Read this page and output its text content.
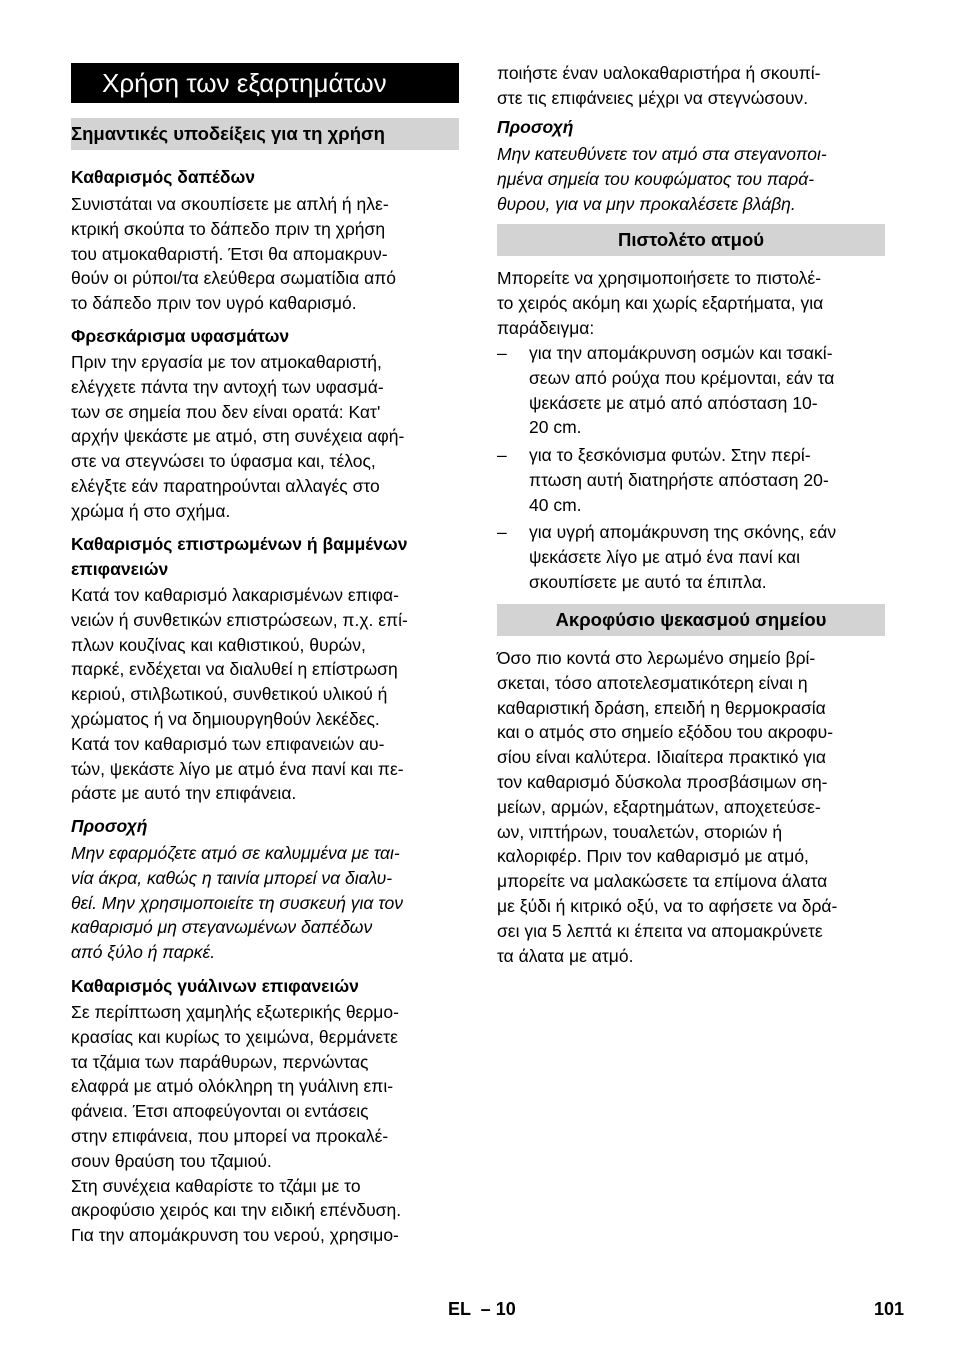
Χρήση των εξαρτημάτων
Σημαντικές υποδείξεις για τη χρήση
Καθαρισμός δαπέδων
Συνιστάται να σκουπίσετε με απλή ή ηλε-
κτρική σκούπα το δάπεδο πριν τη χρήση
του ατμοκαθαριστή. Έτσι θα απομακρυν-
θούν οι ρύποι/τα ελεύθερα σωματίδια από
το δάπεδο πριν τον υγρό καθαρισμό.
Φρεσκάρισμα υφασμάτων
Πριν την εργασία με τον ατμοκαθαριστή,
ελέγχετε πάντα την αντοχή των υφασμά-
των σε σημεία που δεν είναι ορατά: Κατ'
αρχήν ψεκάστε με ατμό, στη συνέχεια αφή-
στε να στεγνώσει το ύφασμα και, τέλος,
ελέγξτε εάν παρατηρούνται αλλαγές στο
χρώμα ή στο σχήμα.
Καθαρισμός επιστρωμένων ή βαμμένων
επιφανειών
Κατά τον καθαρισμό λακαρισμένων επιφα-
νειών ή συνθετικών επιστρώσεων, π.χ. επί-
πλων κουζίνας και καθιστικού, θυρών,
παρκέ, ενδέχεται να διαλυθεί η επίστρωση
κεριού, στιλβωτικού, συνθετικού υλικού ή
χρώματος ή να δημιουργηθούν λεκέδες.
Κατά τον καθαρισμό των επιφανειών αυ-
τών, ψεκάστε λίγο με ατμό ένα πανί και πε-
ράστε με αυτό την επιφάνεια.
Προσοχή
Μην εφαρμόζετε ατμό σε καλυμμένα με ται-
νία άκρα, καθώς η ταινία μπορεί να διαλυ-
θεί. Μην χρησιμοποιείτε τη συσκευή για τον
καθαρισμό μη στεγανωμένων δαπέδων
από ξύλο ή παρκέ.
Καθαρισμός γυάλινων επιφανειών
Σε περίπτωση χαμηλής εξωτερικής θερμο-
κρασίας και κυρίως το χειμώνα, θερμάνετε
τα τζάμια των παράθυρων, περνώντας
ελαφρά με ατμό ολόκληρη τη γυάλινη επι-
φάνεια. Έτσι αποφεύγονται οι εντάσεις
στην επιφάνεια, που μπορεί να προκαλέ-
σουν θραύση του τζαμιού.
Στη συνέχεια καθαρίστε το τζάμι με το
ακροφύσιο χειρός και την ειδική επένδυση.
Για την απομάκρυνση του νερού, χρησιμο-
ποιήστε έναν υαλοκαθαριστήρα ή σκουπί-
στε τις επιφάνειες μέχρι να στεγνώσουν.
Προσοχή
Μην κατευθύνετε τον ατμό στα στεγανοποι-
ημένα σημεία του κουφώματος του παρά-
θυρου, για να μην προκαλέσετε βλάβη.
Πιστολέτο ατμού
Μπορείτε να χρησιμοποιήσετε το πιστολέ-
το χειρός ακόμη και χωρίς εξαρτήματα, για
παράδειγμα:
–	για την απομάκρυνση οσμών και τσακί-
σεων από ρούχα που κρέμονται, εάν τα
ψεκάσετε με ατμό από απόσταση 10-
20 cm.
–	για το ξεσκόνισμα φυτών. Στην περί-
πτωση αυτή διατηρήστε απόσταση 20-
40 cm.
–	για υγρή απομάκρυνση της σκόνης, εάν
ψεκάσετε λίγο με ατμό ένα πανί και
σκουπίσετε με αυτό τα έπιπλα.
Ακροφύσιο ψεκασμού σημείου
Όσο πιο κοντά στο λερωμένο σημείο βρί-
σκεται, τόσο αποτελεσματικότερη είναι η
καθαριστική δράση, επειδή η θερμοκρασία
και ο ατμός στο σημείο εξόδου του ακροφυ-
σίου είναι καλύτερα. Ιδιαίτερα πρακτικό για
τον καθαρισμό δύσκολα προσβάσιμων ση-
μείων, αρμών, εξαρτημάτων, αποχετεύσε-
ων, νιπτήρων, τουαλετών, στοριών ή
καλοριφέρ. Πριν τον καθαρισμό με ατμό,
μπορείτε να μαλακώσετε τα επίμονα άλατα
με ξύδι ή κιτρικό οξύ, να το αφήσετε να δρά-
σει για 5 λεπτά κι έπειτα να απομακρύνετε
τα άλατα με ατμό.
EL  – 10	101
